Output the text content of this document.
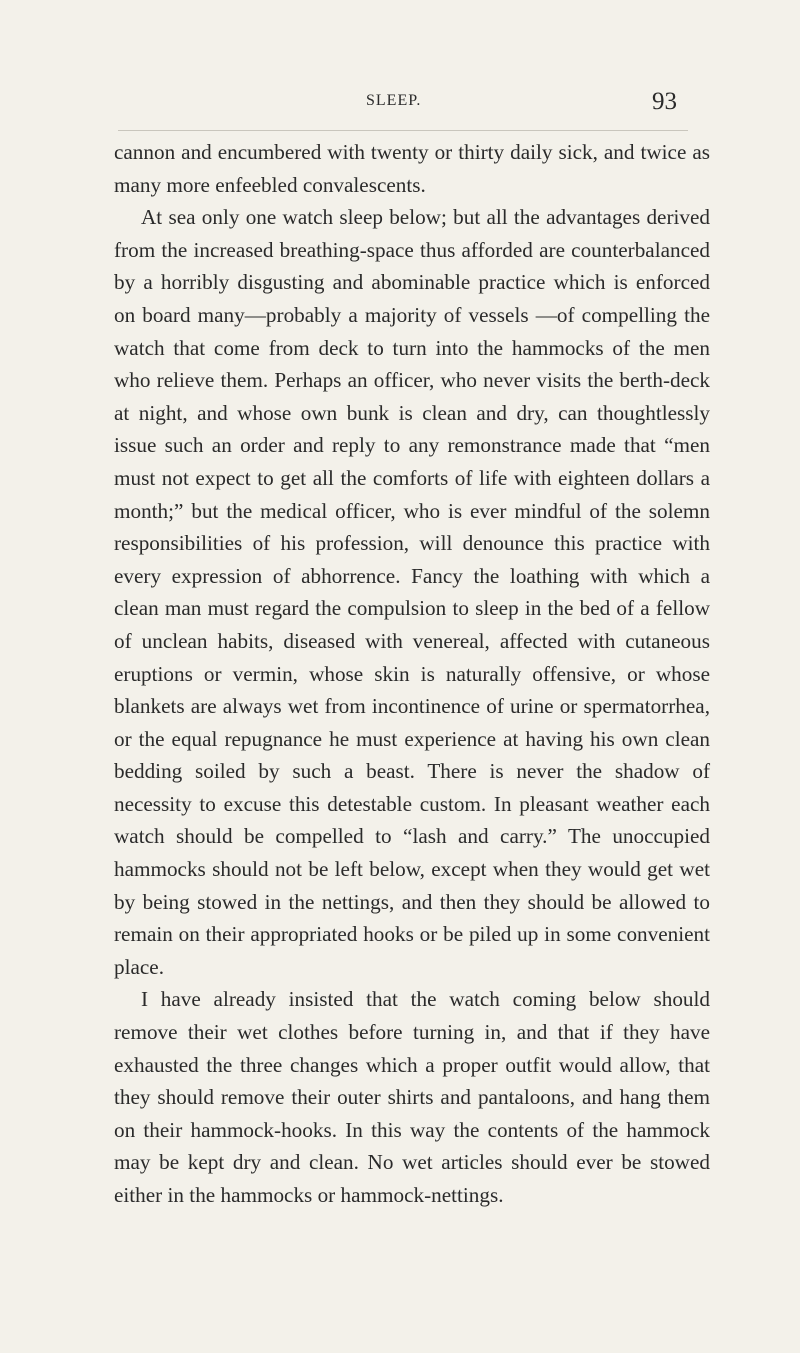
SLEEP.	93

cannon and encumbered with twenty or thirty daily sick, and twice as many more enfeebled convalescents.

At sea only one watch sleep below; but all the advantages derived from the increased breathing-space thus afforded are counterbalanced by a horribly disgusting and abominable practice which is enforced on board many—probably a majority of vessels —of compelling the watch that come from deck to turn into the hammocks of the men who relieve them. Perhaps an officer, who never visits the berth-deck at night, and whose own bunk is clean and dry, can thoughtlessly issue such an order and reply to any remonstrance made that “men must not expect to get all the comforts of life with eighteen dollars a month;” but the medical officer, who is ever mindful of the solemn responsibilities of his profession, will denounce this practice with every expression of abhorrence. Fancy the loathing with which a clean man must regard the compulsion to sleep in the bed of a fellow of unclean habits, diseased with venereal, affected with cutaneous eruptions or vermin, whose skin is naturally offensive, or whose blankets are always wet from incontinence of urine or spermatorrhea, or the equal repugnance he must experience at having his own clean bedding soiled by such a beast. There is never the shadow of necessity to excuse this detestable custom. In pleasant weather each watch should be compelled to “lash and carry.” The unoccupied hammocks should not be left below, except when they would get wet by being stowed in the nettings, and then they should be allowed to remain on their appropriated hooks or be piled up in some convenient place.

I have already insisted that the watch coming below should remove their wet clothes before turning in, and that if they have exhausted the three changes which a proper outfit would allow, that they should remove their outer shirts and pantaloons, and hang them on their hammock-hooks. In this way the contents of the hammock may be kept dry and clean. No wet articles should ever be stowed either in the hammocks or hammock-nettings.
